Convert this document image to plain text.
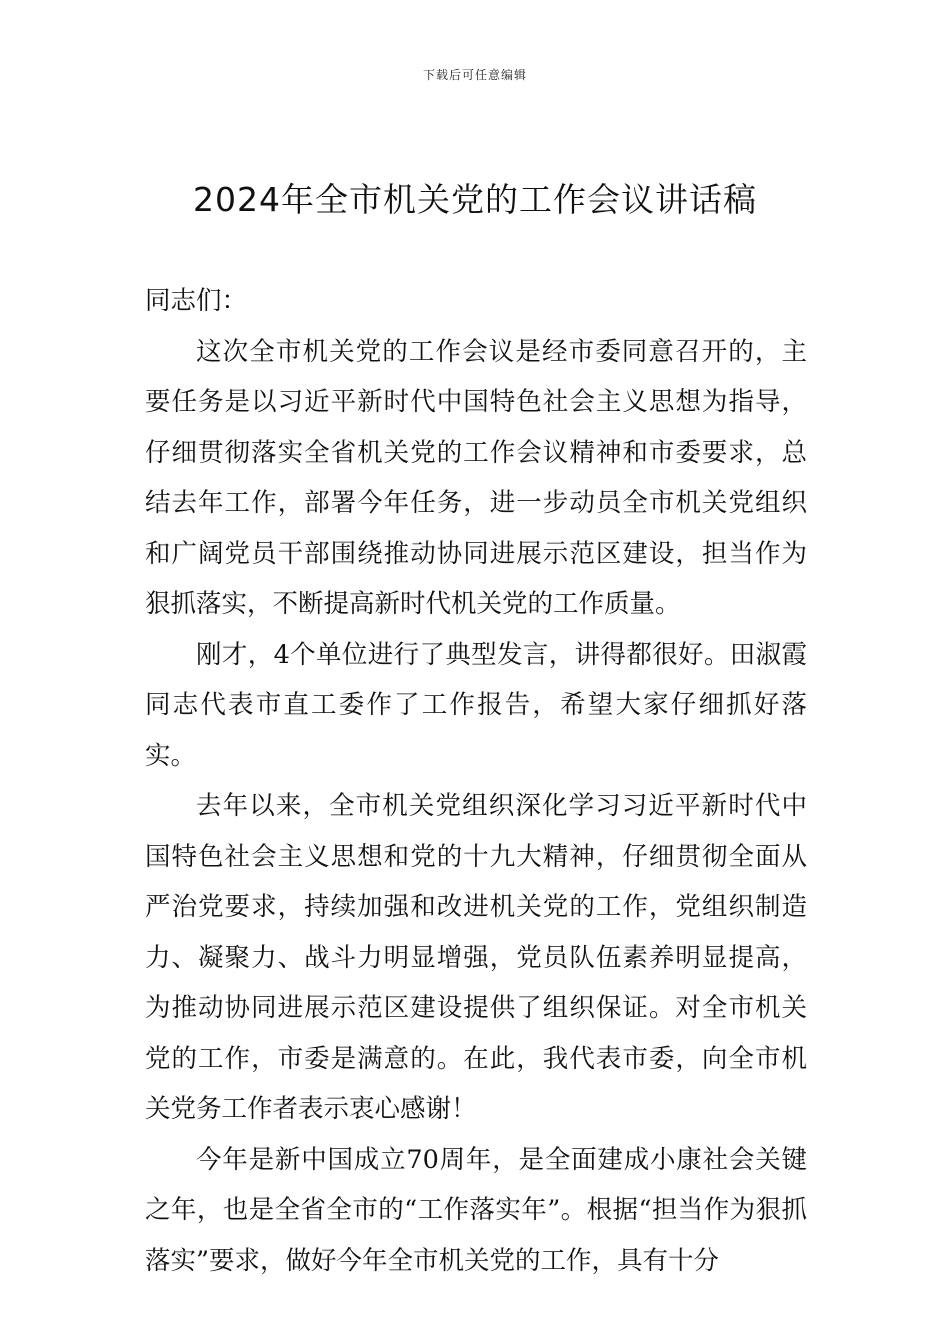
下载后可任意编辑
2024年全市机关党的工作会议讲话稿

同志们：

这次全市机关党的工作会议是经市委同意召开的，主要任务是以习近平新时代中国特色社会主义思想为指导，仔细贯彻落实全省机关党的工作会议精神和市委要求，总结去年工作，部署今年任务，进一步动员全市机关党组织和广阔党员干部围绕推动协同进展示范区建设，担当作为狠抓落实，不断提高新时代机关党的工作质量。

刚才，4个单位进行了典型发言，讲得都很好。田淑霞同志代表市直工委作了工作报告，希望大家仔细抓好落实。

去年以来，全市机关党组织深化学习习近平新时代中国特色社会主义思想和党的十九大精神，仔细贯彻全面从严治党要求，持续加强和改进机关党的工作，党组织制造力、凝聚力、战斗力明显增强，党员队伍素养明显提高，为推动协同进展示范区建设提供了组织保证。对全市机关党的工作，市委是满意的。在此，我代表市委，向全市机关党务工作者表示衷心感谢！

今年是新中国成立70周年，是全面建成小康社会关键之年，也是全省全市的“工作落实年”。根据“担当作为狠抓落实”要求，做好今年全市机关党的工作，具有十分
